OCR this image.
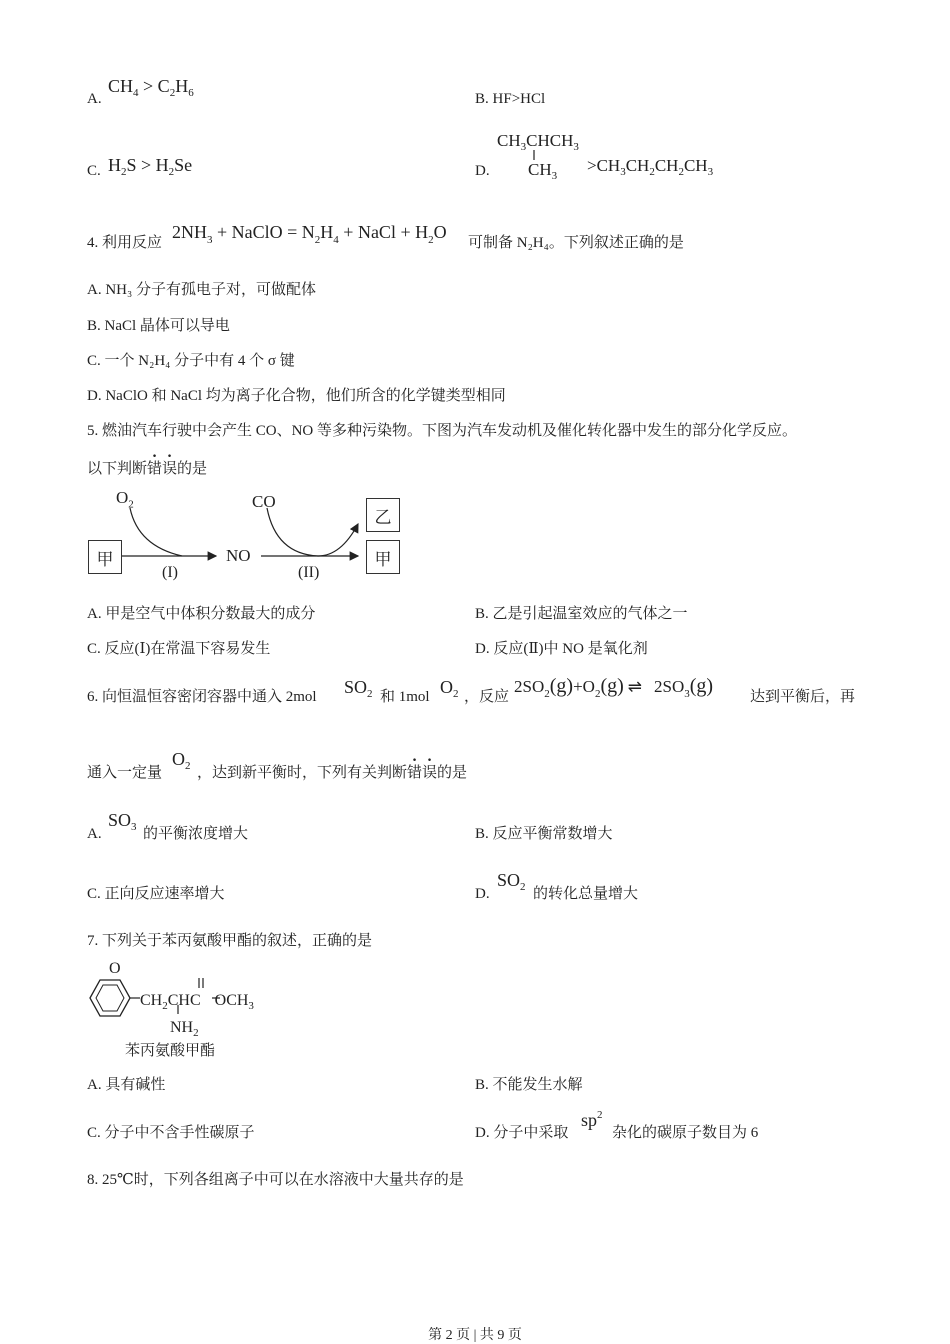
A.
$CH_4 > C_2H_6$	B. HF>HCl
C. $H_2S > H_2Se$	D.
$CH_3CHCH_3$
$CH_3$
$>CH_3CH_2CH_2CH_3$
4. 利用反应
$2NH_3$ + NaClO = $N_2H_4$ + NaCl + $H_2O$
可制备 N₂H₄。下列叙述正确的是
A. NH₃ 分子有孤电子对，可做配体
B. NaCl 晶体可以导电
C. 一个 N₂H₄ 分子中有 4 个 σ 键
D. NaClO 和 NaCl 均为离子化合物，他们所含的化学键类型相同
5. 燃油汽车行驶中会产生 CO、NO 等多种污染物。下图为汽车发动机及催化转化器中发生的部分化学反应。
以下判断错误的是
甲
$O_2$
(I)
NO
CO
(II)
乙
甲
A. 甲是空气中体积分数最大的成分	B. 乙是引起温室效应的气体之一
C. 反应(Ⅰ)在常温下容易发生	D. 反应(Ⅱ)中 NO 是氧化剂
6. 向恒温恒容密闭容器中通入 2mol $SO_2$ 和 1mol $O_2$ ，反应
$2SO_2(g)+O_2(g)$ ⇌ $2SO_3(g)$ 达到平衡后，再
通入一定量
$O_2$ ，达到新平衡时，下列有关判断错误的是
A.
$SO_3$ 的平衡浓度增大	B. 反应平衡常数增大
C. 正向反应速率增大	D.
$SO_2$ 的转化总量增大
7. 下列关于苯丙氨酸甲酯的叙述，正确的是
O
$CH_2CHC$ $OCH_3$
$NH_2$
苯丙氨酸甲酯
A. 具有碱性	B. 不能发生水解
C. 分子中不含手性碳原子	D. 分子中采取
$sp^2$
杂化的碳原子数目为 6
8. 25℃时，下列各组离子中可以在水溶液中大量共存的是
第 2 页 | 共 9 页
